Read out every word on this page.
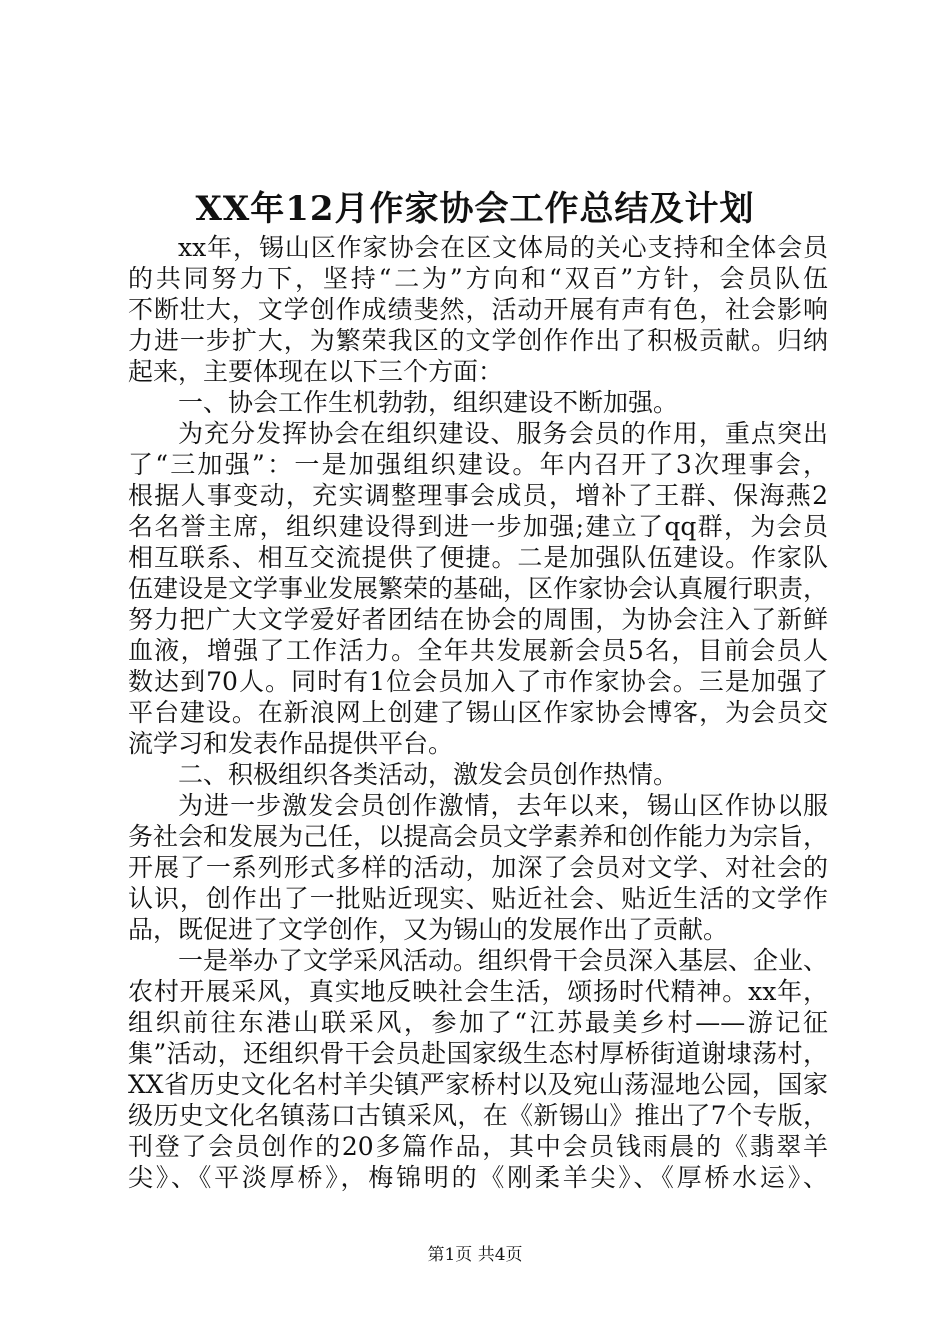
XX年12月作家协会工作总结及计划
xx年，锡山区作家协会在区文体局的关心支持和全体会员
的共同努力下，坚持“二为”方向和“双百”方针，会员队伍
不断壮大，文学创作成绩斐然，活动开展有声有色，社会影响
力进一步扩大，为繁荣我区的文学创作作出了积极贡献。归纳
起来，主要体现在以下三个方面：
一、协会工作生机勃勃，组织建设不断加强。
为充分发挥协会在组织建设、服务会员的作用，重点突出
了“三加强”：一是加强组织建设。年内召开了3次理事会，
根据人事变动，充实调整理事会成员，增补了王群、保海燕2
名名誉主席，组织建设得到进一步加强;建立了qq群，为会员
相互联系、相互交流提供了便捷。二是加强队伍建设。作家队
伍建设是文学事业发展繁荣的基础，区作家协会认真履行职责，
努力把广大文学爱好者团结在协会的周围，为协会注入了新鲜
血液，增强了工作活力。全年共发展新会员5名，目前会员人
数达到70人。同时有1位会员加入了市作家协会。三是加强了
平台建设。在新浪网上创建了锡山区作家协会博客，为会员交
流学习和发表作品提供平台。
二、积极组织各类活动，激发会员创作热情。
为进一步激发会员创作激情，去年以来，锡山区作协以服
务社会和发展为己任，以提高会员文学素养和创作能力为宗旨，
开展了一系列形式多样的活动，加深了会员对文学、对社会的
认识，创作出了一批贴近现实、贴近社会、贴近生活的文学作
品，既促进了文学创作，又为锡山的发展作出了贡献。
一是举办了文学采风活动。组织骨干会员深入基层、企业、
农村开展采风，真实地反映社会生活，颂扬时代精神。xx年，
组织前往东港山联采风，参加了“江苏最美乡村——游记征
集”活动，还组织骨干会员赴国家级生态村厚桥街道谢埭荡村，
XX省历史文化名村羊尖镇严家桥村以及宛山荡湿地公园，国家
级历史文化名镇荡口古镇采风，在《新锡山》推出了7个专版，
刊登了会员创作的20多篇作品，其中会员钱雨晨的《翡翠羊
尖》、《平淡厚桥》，梅锦明的《刚柔羊尖》、《厚桥水运》、
第1页 共4页
